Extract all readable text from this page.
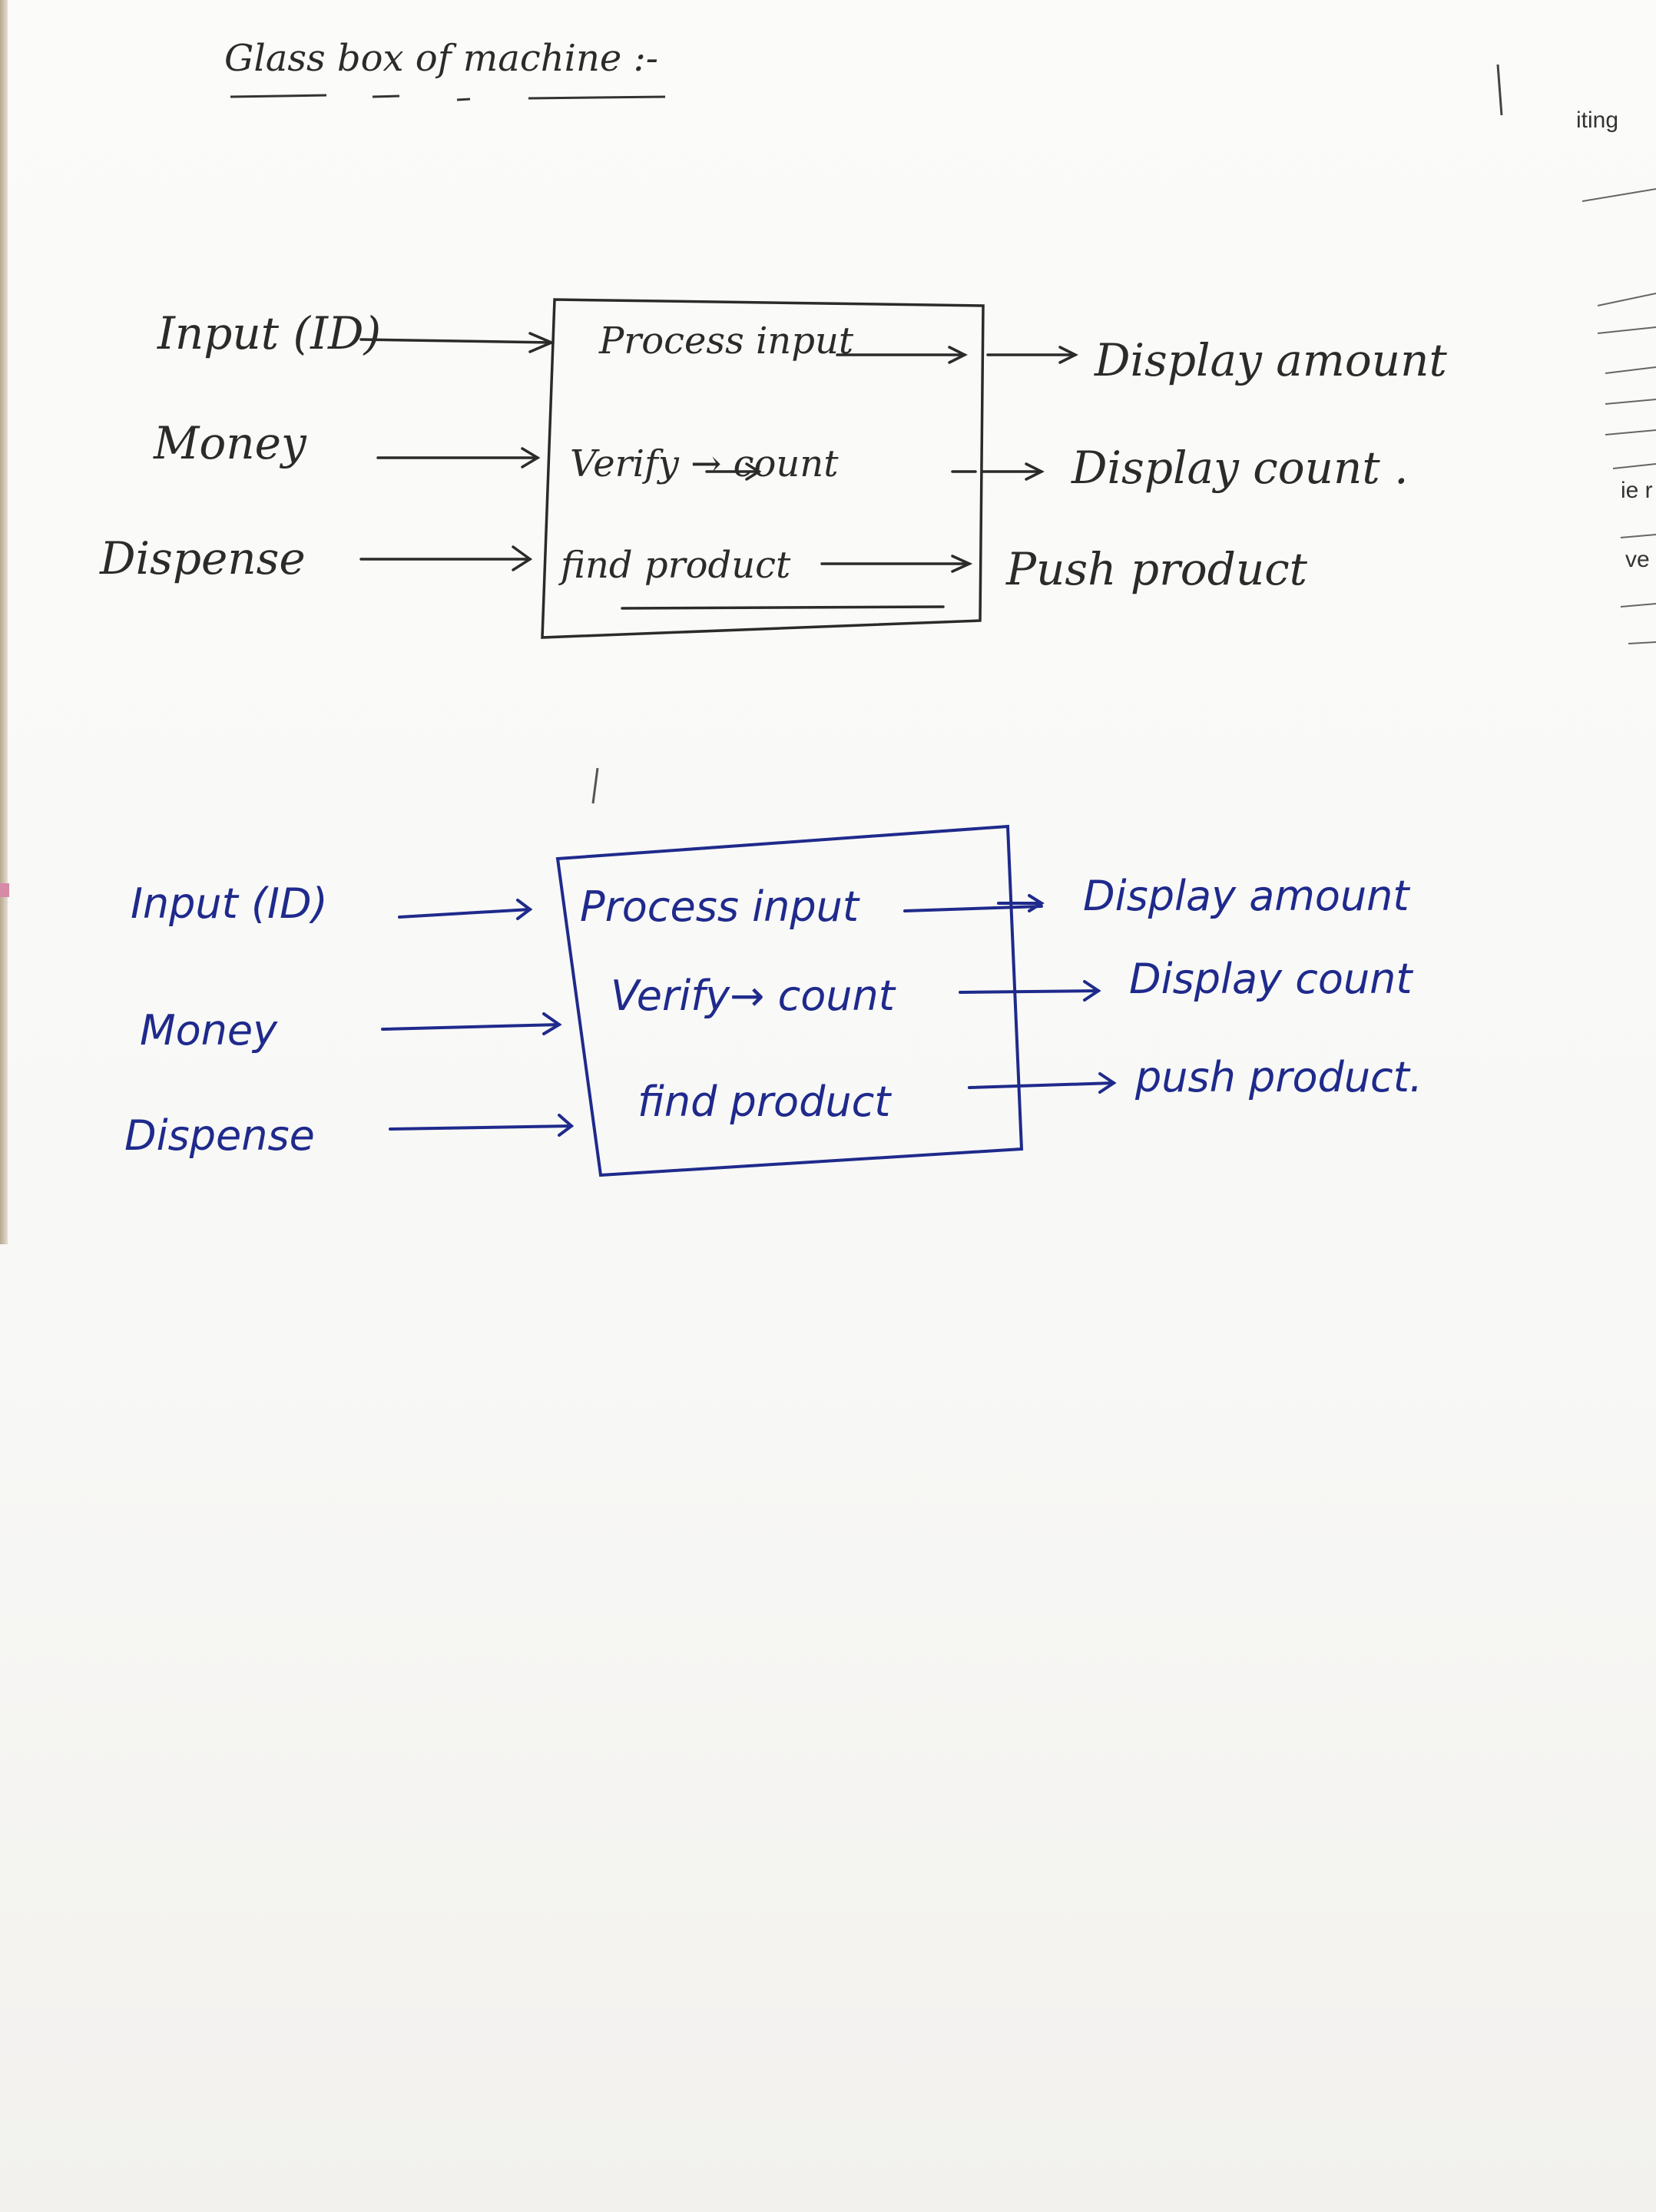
Glass box of machine :-
iting
ie r
ve
Input (ID)
Money
Dispense
Process input
Verify → count
find product
Display amount
Display count .
Push product
Input (ID)
Money
Dispense
Process input
Verify→ count
find product
Display amount
Display count
push product.
